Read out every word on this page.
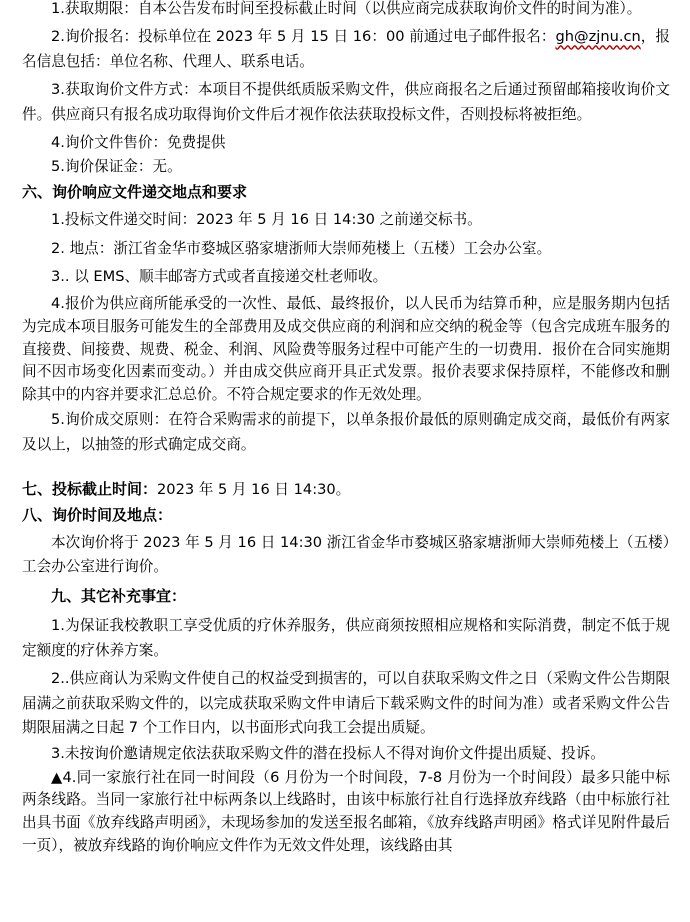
1.获取期限：自本公告发布时间至投标截止时间（以供应商完成获取询价文件的时间为准）。

2.询价报名：投标单位在 2023 年 5 月 15 日 16：00 前通过电子邮件报名：gh@zjnu.cn，报名信息包括：单位名称、代理人、联系电话。

3.获取询价文件方式：本项目不提供纸质版采购文件，供应商报名之后通过预留邮箱接收询价文件。供应商只有报名成功取得询价文件后才视作依法获取投标文件，否则投标将被拒绝。

4.询价文件售价：免费提供

5.询价保证金：无。

六、询价响应文件递交地点和要求

1.投标文件递交时间：2023 年 5 月 16 日 14:30 之前递交标书。

2. 地点：浙江省金华市婺城区骆家塘浙师大崇师苑楼上（五楼）工会办公室。

3.. 以 EMS、顺丰邮寄方式或者直接递交杜老师收。

4.报价为供应商所能承受的一次性、最低、最终报价，以人民币为结算币种，应是服务期内包括为完成本项目服务可能发生的全部费用及成交供应商的利润和应交纳的税金等（包含完成班车服务的直接费、间接费、规费、税金、利润、风险费等服务过程中可能产生的一切费用．报价在合同实施期间不因市场变化因素而变动。）并由成交供应商开具正式发票。报价表要求保持原样，不能修改和删除其中的内容并要求汇总总价。不符合规定要求的作无效处理。

5.询价成交原则：在符合采购需求的前提下，以单条报价最低的原则确定成交商，最低价有两家及以上，以抽签的形式确定成交商。

七、投标截止时间：2023 年 5 月 16 日 14:30。

八、询价时间及地点：

本次询价将于 2023 年 5 月 16 日 14:30 浙江省金华市婺城区骆家塘浙师大崇师苑楼上（五楼）工会办公室进行询价。

九、其它补充事宜：

1.为保证我校教职工享受优质的疗休养服务，供应商须按照相应规格和实际消费，制定不低于规定额度的疗休养方案。

2..供应商认为采购文件使自己的权益受到损害的，可以自获取采购文件之日（采购文件公告期限届满之前获取采购文件的，以完成获取采购文件申请后下载采购文件的时间为准）或者采购文件公告期限届满之日起 7 个工作日内，以书面形式向我工会提出质疑。

3.未按询价邀请规定依法获取采购文件的潜在投标人不得对询价文件提出质疑、投诉。

▲4.同一家旅行社在同一时间段（6 月份为一个时间段，7-8 月份为一个时间段）最多只能中标两条线路。当同一家旅行社中标两条以上线路时，由该中标旅行社自行选择放弃线路（由中标旅行社出具书面《放弃线路声明函》，未现场参加的发送至报名邮箱，《放弃线路声明函》格式详见附件最后一页），被放弃线路的询价响应文件作为无效文件处理，该线路由其
